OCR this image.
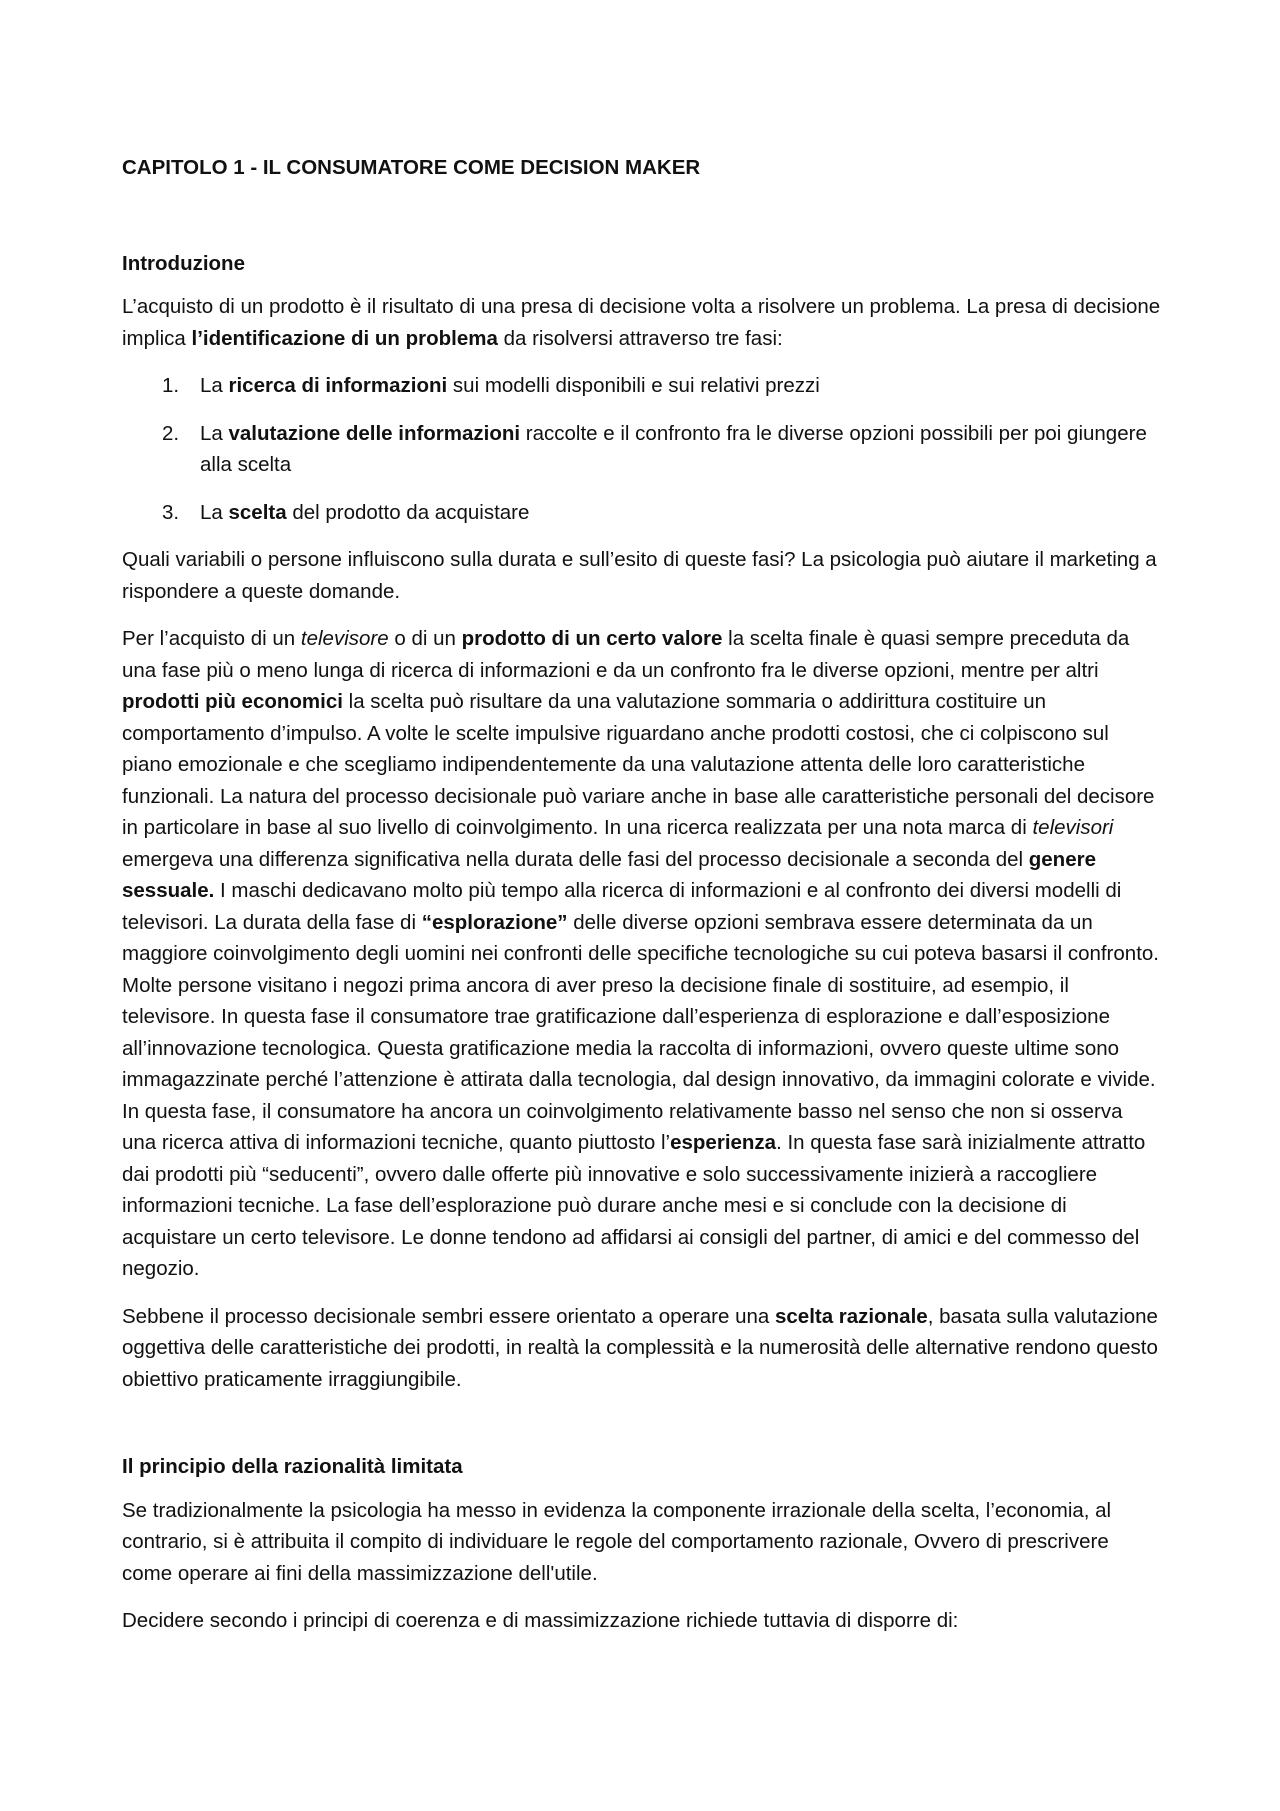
CAPITOLO 1 - IL CONSUMATORE COME DECISION MAKER

Introduzione

L’acquisto di un prodotto è il risultato di una presa di decisione volta a risolvere un problema. La presa di decisione implica l’identificazione di un problema da risolversi attraverso tre fasi:

1. La ricerca di informazioni sui modelli disponibili e sui relativi prezzi
2. La valutazione delle informazioni raccolte e il confronto fra le diverse opzioni possibili per poi giungere alla scelta
3. La scelta del prodotto da acquistare

Quali variabili o persone influiscono sulla durata e sull’esito di queste fasi? La psicologia può aiutare il marketing a rispondere a queste domande.

Per l’acquisto di un televisore o di un prodotto di un certo valore la scelta finale è quasi sempre preceduta da una fase più o meno lunga di ricerca di informazioni e da un confronto fra le diverse opzioni, mentre per altri prodotti più economici la scelta può risultare da una valutazione sommaria o addirittura costituire un comportamento d’impulso. A volte le scelte impulsive riguardano anche prodotti costosi, che ci colpiscono sul piano emozionale e che scegliamo indipendentemente da una valutazione attenta delle loro caratteristiche funzionali. La natura del processo decisionale può variare anche in base alle caratteristiche personali del decisore in particolare in base al suo livello di coinvolgimento. In una ricerca realizzata per una nota marca di televisori emergeva una differenza significativa nella durata delle fasi del processo decisionale a seconda del genere sessuale. I maschi dedicavano molto più tempo alla ricerca di informazioni e al confronto dei diversi modelli di televisori. La durata della fase di “esplorazione” delle diverse opzioni sembrava essere determinata da un maggiore coinvolgimento degli uomini nei confronti delle specifiche tecnologiche su cui poteva basarsi il confronto. Molte persone visitano i negozi prima ancora di aver preso la decisione finale di sostituire, ad esempio, il televisore. In questa fase il consumatore trae gratificazione dall’esperienza di esplorazione e dall’esposizione all’innovazione tecnologica. Questa gratificazione media la raccolta di informazioni, ovvero queste ultime sono immagazzinate perché l’attenzione è attirata dalla tecnologia, dal design innovativo, da immagini colorate e vivide. In questa fase, il consumatore ha ancora un coinvolgimento relativamente basso nel senso che non si osserva una ricerca attiva di informazioni tecniche, quanto piuttosto l’esperienza. In questa fase sarà inizialmente attratto dai prodotti più “seducenti”, ovvero dalle offerte più innovative e solo successivamente inizierà a raccogliere informazioni tecniche. La fase dell’esplorazione può durare anche mesi e si conclude con la decisione di acquistare un certo televisore. Le donne tendono ad affidarsi ai consigli del partner, di amici e del commesso del negozio.

Sebbene il processo decisionale sembri essere orientato a operare una scelta razionale, basata sulla valutazione oggettiva delle caratteristiche dei prodotti, in realtà la complessità e la numerosità delle alternative rendono questo obiettivo praticamente irraggiungibile.

Il principio della razionalità limitata

Se tradizionalmente la psicologia ha messo in evidenza la componente irrazionale della scelta, l’economia, al contrario, si è attribuita il compito di individuare le regole del comportamento razionale, Ovvero di prescrivere come operare ai fini della massimizzazione dell'utile.

Decidere secondo i principi di coerenza e di massimizzazione richiede tuttavia di disporre di:
